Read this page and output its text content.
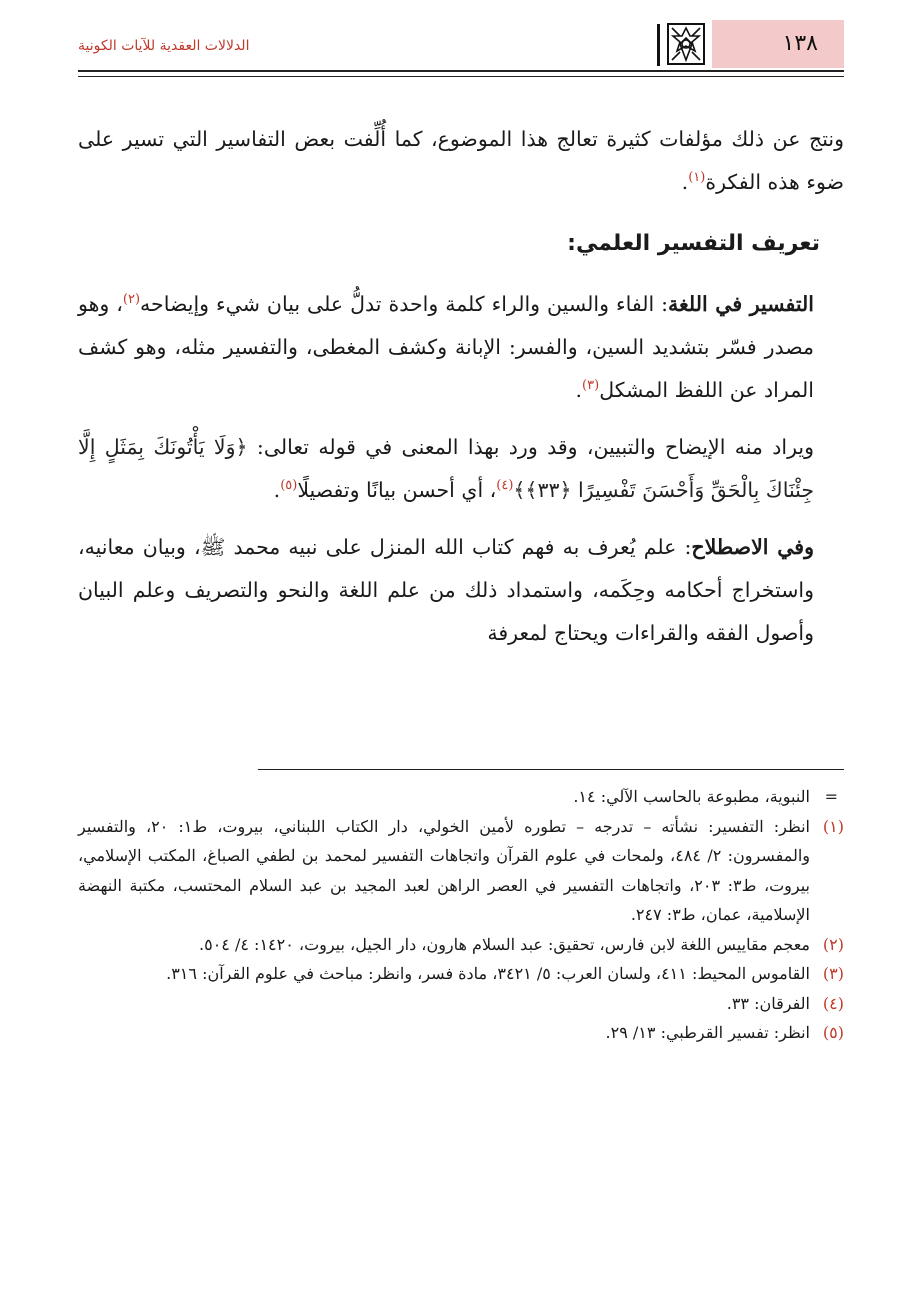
الدلالات العقدية للآيات الكونية	١٣٨

ونتج عن ذلك مؤلفات كثيرة تعالج هذا الموضوع، كما أُلِّفت بعض التفاسير التي تسير على ضوء هذه الفكرة$^{(١)}$.

تعريف التفسير العلمي:

التفسير في اللغة: الفاء والسين والراء كلمة واحدة تدلُّ على بيان شيء وإيضاحه$^{(٢)}$، وهو مصدر فسّر بتشديد السين، والفسر: الإبانة وكشف المغطى، والتفسير مثله، وهو كشف المراد عن اللفظ المشكل$^{(٣)}$.

ويراد منه الإيضاح والتبيين، وقد ورد بهذا المعنى في قوله تعالى: ﴿وَلَا يَأْتُونَكَ بِمَثَلٍ إِلَّا جِئْنَاكَ بِالْحَقِّ وَأَحْسَنَ تَفْسِيرًا ﴿٣٣﴾﴾$^{(٤)}$، أي أحسن بيانًا وتفصيلًا$^{(٥)}$.

وفي الاصطلاح: علم يُعرف به فهم كتاب الله المنزل على نبيه محمد ﷺ، وبيان معانيه، واستخراج أحكامه وحِكَمه، واستمداد ذلك من علم اللغة والنحو والتصريف وعلم البيان وأصول الفقه والقراءات ويحتاج لمعرفة

=
النبوية، مطبوعة بالحاسب الآلي: ١٤.

(١)
انظر: التفسير: نشأته – تدرجه – تطوره لأمين الخولي، دار الكتاب اللبناني، بيروت، ط١: ٢٠، والتفسير والمفسرون: ٢/ ٤٨٤، ولمحات في علوم القرآن واتجاهات التفسير لمحمد بن لطفي الصباغ، المكتب الإسلامي، بيروت، ط٣: ٢٠٣، واتجاهات التفسير في العصر الراهن لعبد المجيد بن عبد السلام المحتسب، مكتبة النهضة الإسلامية، عمان، ط٣: ٢٤٧.

(٢)
معجم مقاييس اللغة لابن فارس، تحقيق: عبد السلام هارون، دار الجيل، بيروت، ١٤٢٠: ٤/ ٥٠٤.

(٣)
القاموس المحيط: ٤١١، ولسان العرب: ٥/ ٣٤٢١، مادة فسر، وانظر: مباحث في علوم القرآن: ٣١٦.

(٤)
الفرقان: ٣٣.

(٥)
انظر: تفسير القرطبي: ١٣/ ٢٩.
